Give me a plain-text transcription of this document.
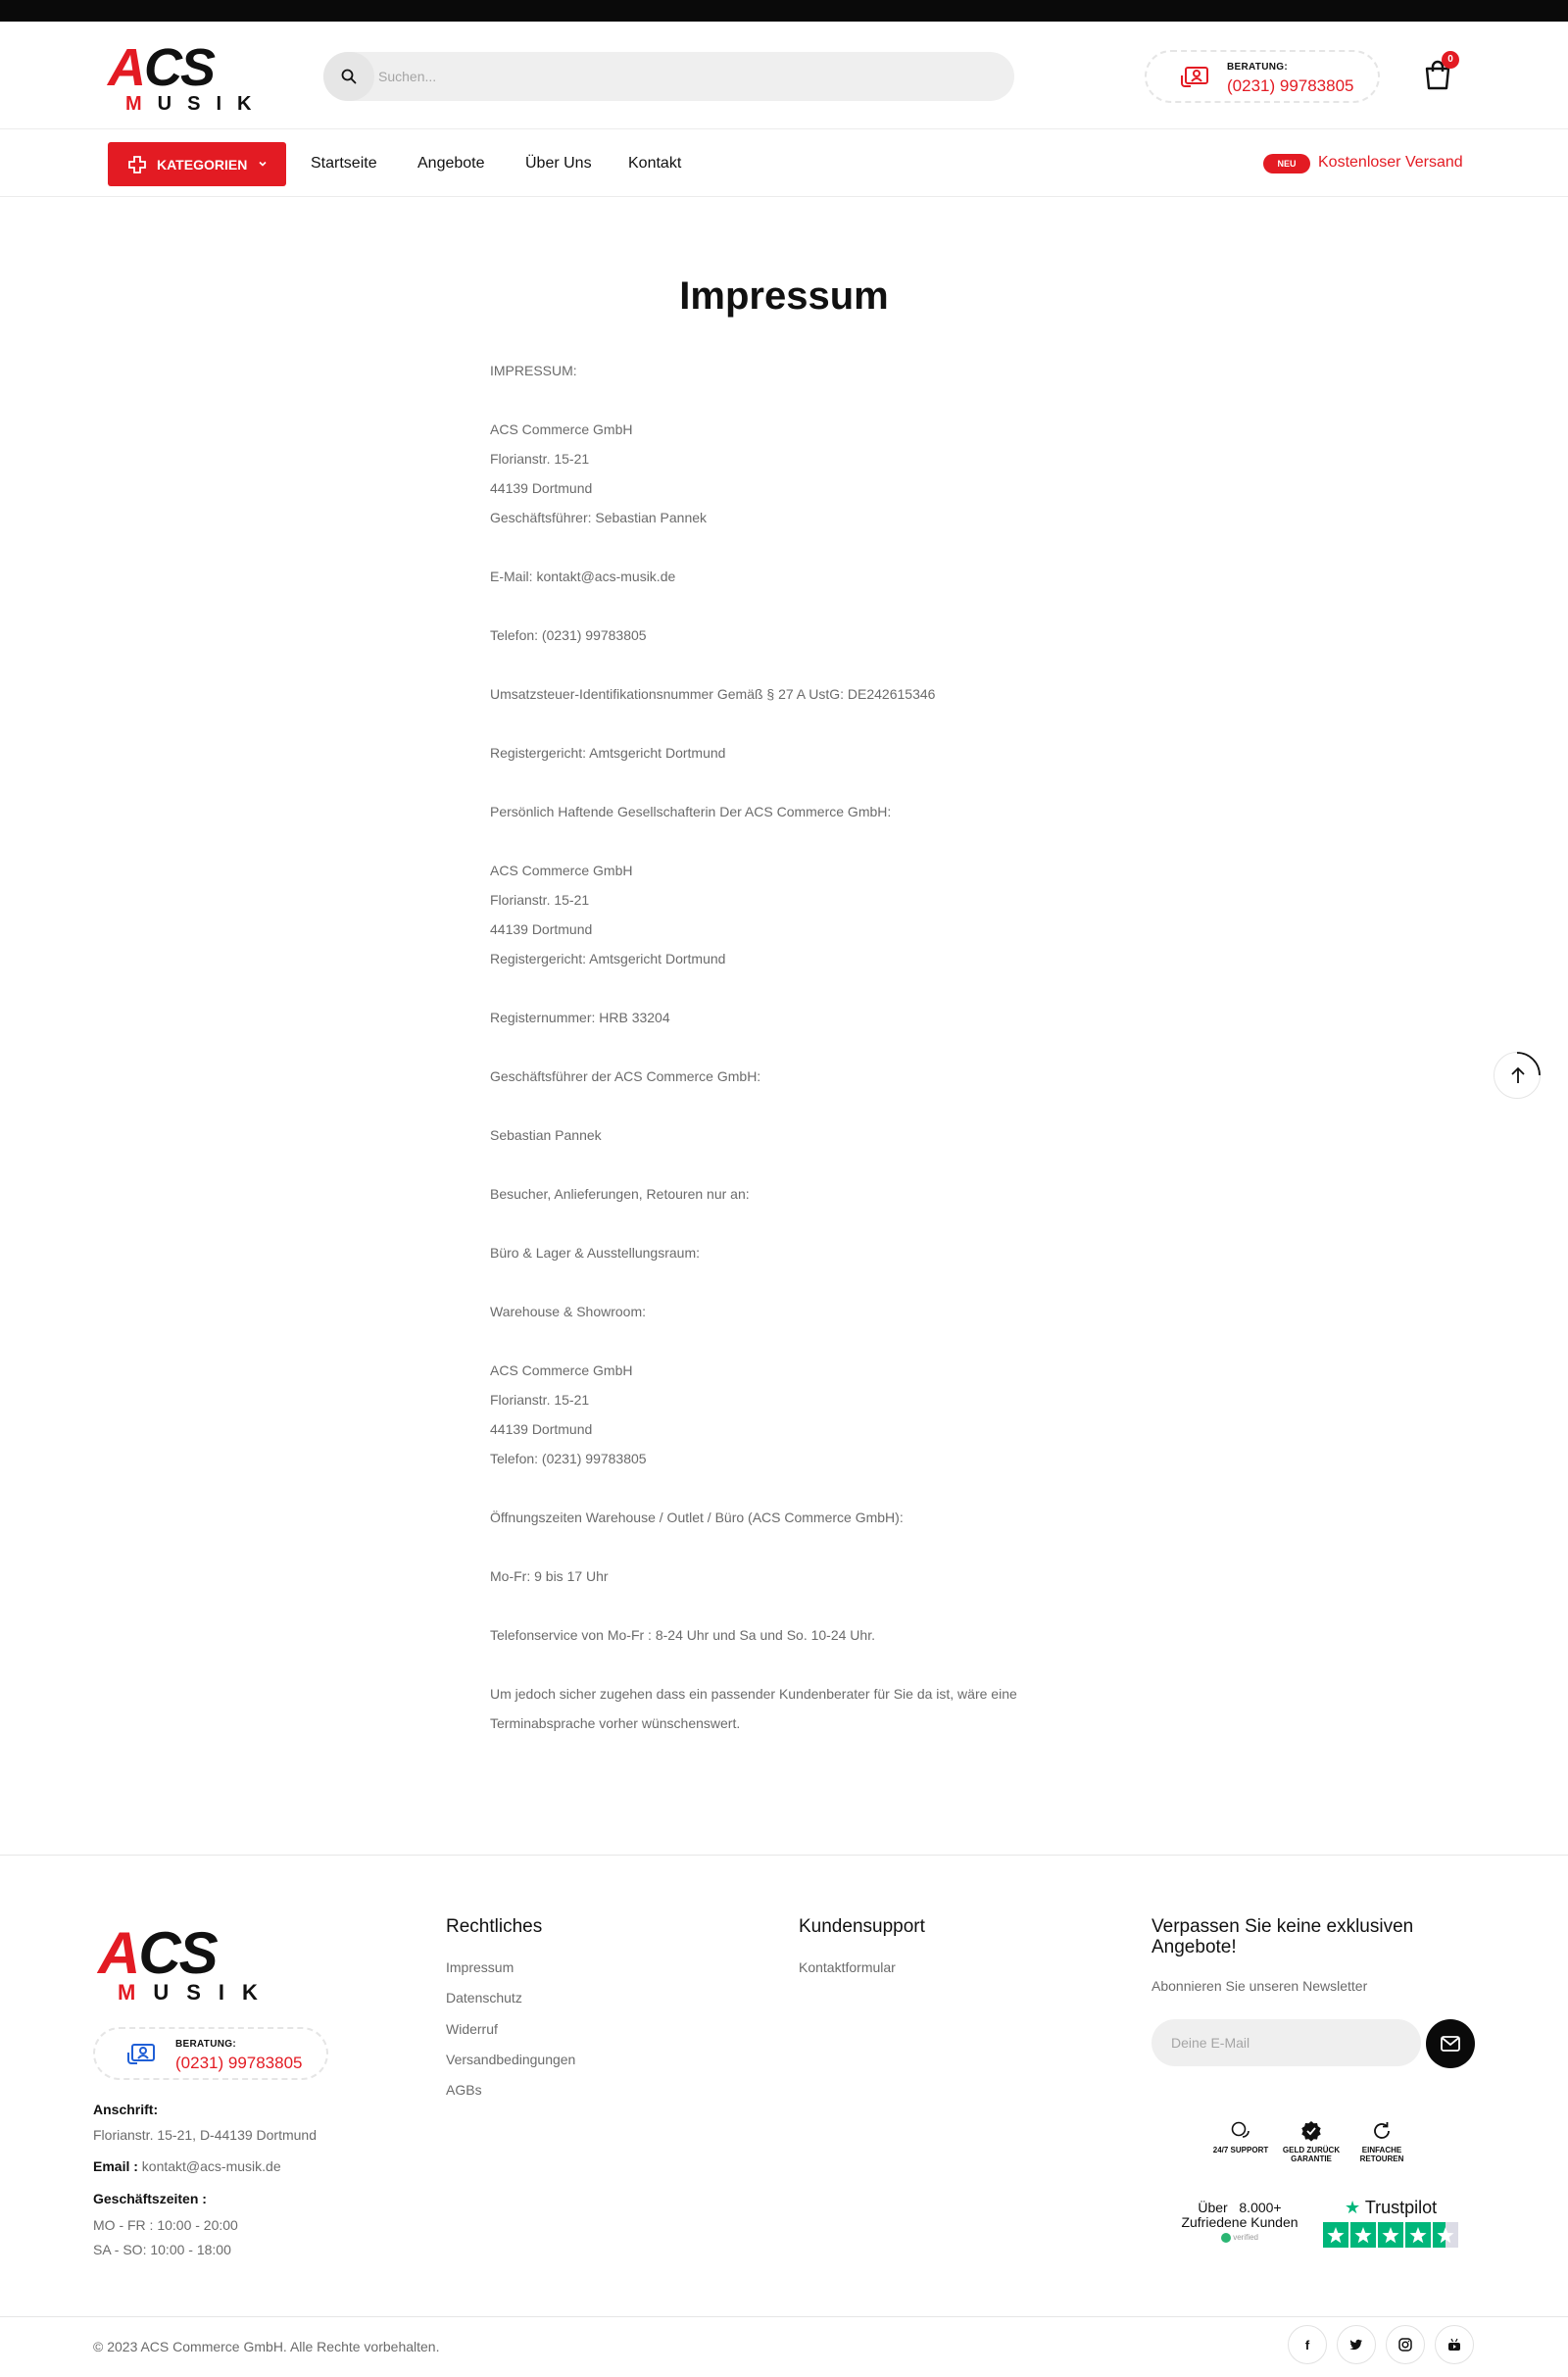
ACS
MUSIK
Suchen...
BERATUNG:
(0231) 99783805
0
KATEGORIEN	Startseite	Angebote	Über Uns Kontakt	NEU	Kostenloser Versand
Impressum

IMPRESSUM:

ACS Commerce GmbH

Florianstr. 15-21

44139 Dortmund

Geschäftsführer: Sebastian Pannek

E-Mail: kontakt@acs-musik.de

Telefon: (0231) 99783805

Umsatzsteuer-Identifikationsnummer Gemäß § 27 A UstG: DE242615346

Registergericht: Amtsgericht Dortmund

Persönlich Haftende Gesellschafterin Der ACS Commerce GmbH:

ACS Commerce GmbH

Florianstr. 15-21

44139 Dortmund

Registergericht: Amtsgericht Dortmund

Registernummer: HRB 33204

Geschäftsführer der ACS Commerce GmbH:

Sebastian Pannek

Besucher, Anlieferungen, Retouren nur an:

Büro & Lager & Ausstellungsraum:

Warehouse & Showroom:

ACS Commerce GmbH

Florianstr. 15-21

44139 Dortmund

Telefon: (0231) 99783805

Öffnungszeiten Warehouse / Outlet / Büro (ACS Commerce GmbH):

Mo-Fr: 9 bis 17 Uhr

Telefonservice von Mo-Fr : 8-24 Uhr und Sa und So. 10-24 Uhr.

Um jedoch sicher zugehen dass ein passender Kundenberater für Sie da ist, wäre eine

Terminabsprache vorher wünschenswert.

ACS
MUSIK
BERATUNG:
(0231) 99783805
Anschrift:
Florianstr. 15-21, D-44139 Dortmund
Email : kontakt@acs-musik.de
Geschäftszeiten :
MO - FR : 10:00 - 20:00
SA - SO: 10:00 - 18:00
Rechtliches
Impressum
Datenschutz
Widerruf
Versandbedingungen
AGBs
Kundensupport
Kontaktformular
Verpassen Sie keine exklusiven Angebote!
Abonnieren Sie unseren Newsletter
Deine E-Mail
24/7 SUPPORT GELD ZURÜCK GARANTIE
EINFACHE RETOUREN
Über   8.000+
Zufriedene Kunden
verified
★ Trustpilot
© 2023 ACS Commerce GmbH. Alle Rechte vorbehalten.	f
